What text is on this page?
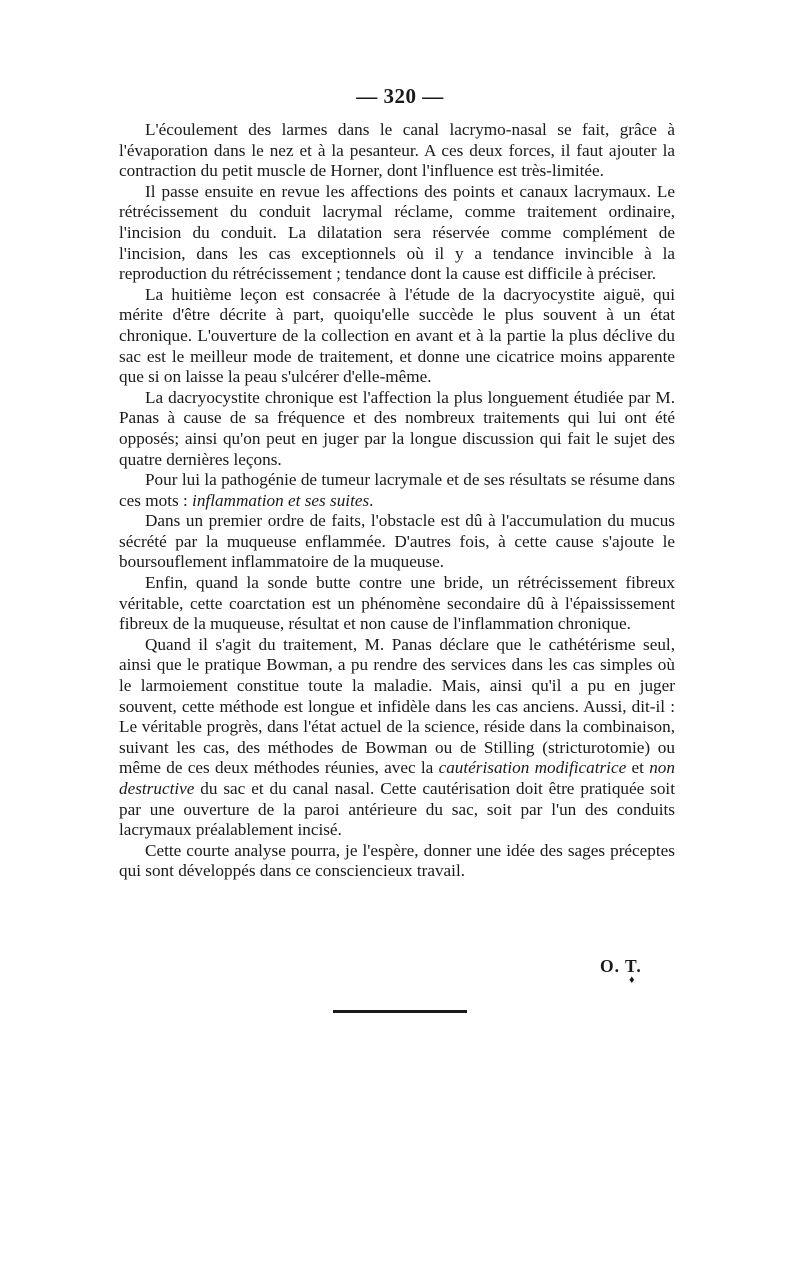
— 320 —

L'écoulement des larmes dans le canal lacrymo-nasal se fait, grâce à l'évaporation dans le nez et à la pesanteur. A ces deux forces, il faut ajouter la contraction du petit muscle de Horner, dont l'influence est très-limitée.

Il passe ensuite en revue les affections des points et canaux lacrymaux. Le rétrécissement du conduit lacrymal réclame, comme traitement ordinaire, l'incision du conduit. La dilatation sera réservée comme complément de l'incision, dans les cas exceptionnels où il y a tendance invincible à la reproduction du rétrécissement ; tendance dont la cause est difficile à préciser.

La huitième leçon est consacrée à l'étude de la dacryocystite aiguë, qui mérite d'être décrite à part, quoiqu'elle succède le plus souvent à un état chronique. L'ouverture de la collection en avant et à la partie la plus déclive du sac est le meilleur mode de traitement, et donne une cicatrice moins apparente que si on laisse la peau s'ulcérer d'elle-même.

La dacryocystite chronique est l'affection la plus longuement étudiée par M. Panas à cause de sa fréquence et des nombreux traitements qui lui ont été opposés; ainsi qu'on peut en juger par la longue discussion qui fait le sujet des quatre dernières leçons.

Pour lui la pathogénie de tumeur lacrymale et de ses résultats se résume dans ces mots : inflammation et ses suites.

Dans un premier ordre de faits, l'obstacle est dû à l'accumulation du mucus sécrété par la muqueuse enflammée. D'autres fois, à cette cause s'ajoute le boursouflement inflammatoire de la muqueuse.

Enfin, quand la sonde butte contre une bride, un rétrécissement fibreux véritable, cette coarctation est un phénomène secondaire dû à l'épaississement fibreux de la muqueuse, résultat et non cause de l'inflammation chronique.

Quand il s'agit du traitement, M. Panas déclare que le cathétérisme seul, ainsi que le pratique Bowman, a pu rendre des services dans les cas simples où le larmoiement constitue toute la maladie. Mais, ainsi qu'il a pu en juger souvent, cette méthode est longue et infidèle dans les cas anciens. Aussi, dit-il : Le véritable progrès, dans l'état actuel de la science, réside dans la combinaison, suivant les cas, des méthodes de Bowman ou de Stilling (stricturotomie) ou même de ces deux méthodes réunies, avec la cautérisation modificatrice et non destructive du sac et du canal nasal. Cette cautérisation doit être pratiquée soit par une ouverture de la paroi antérieure du sac, soit par l'un des conduits lacrymaux préalablement incisé.

Cette courte analyse pourra, je l'espère, donner une idée des sages préceptes qui sont développés dans ce consciencieux travail.

O. T.
♦
